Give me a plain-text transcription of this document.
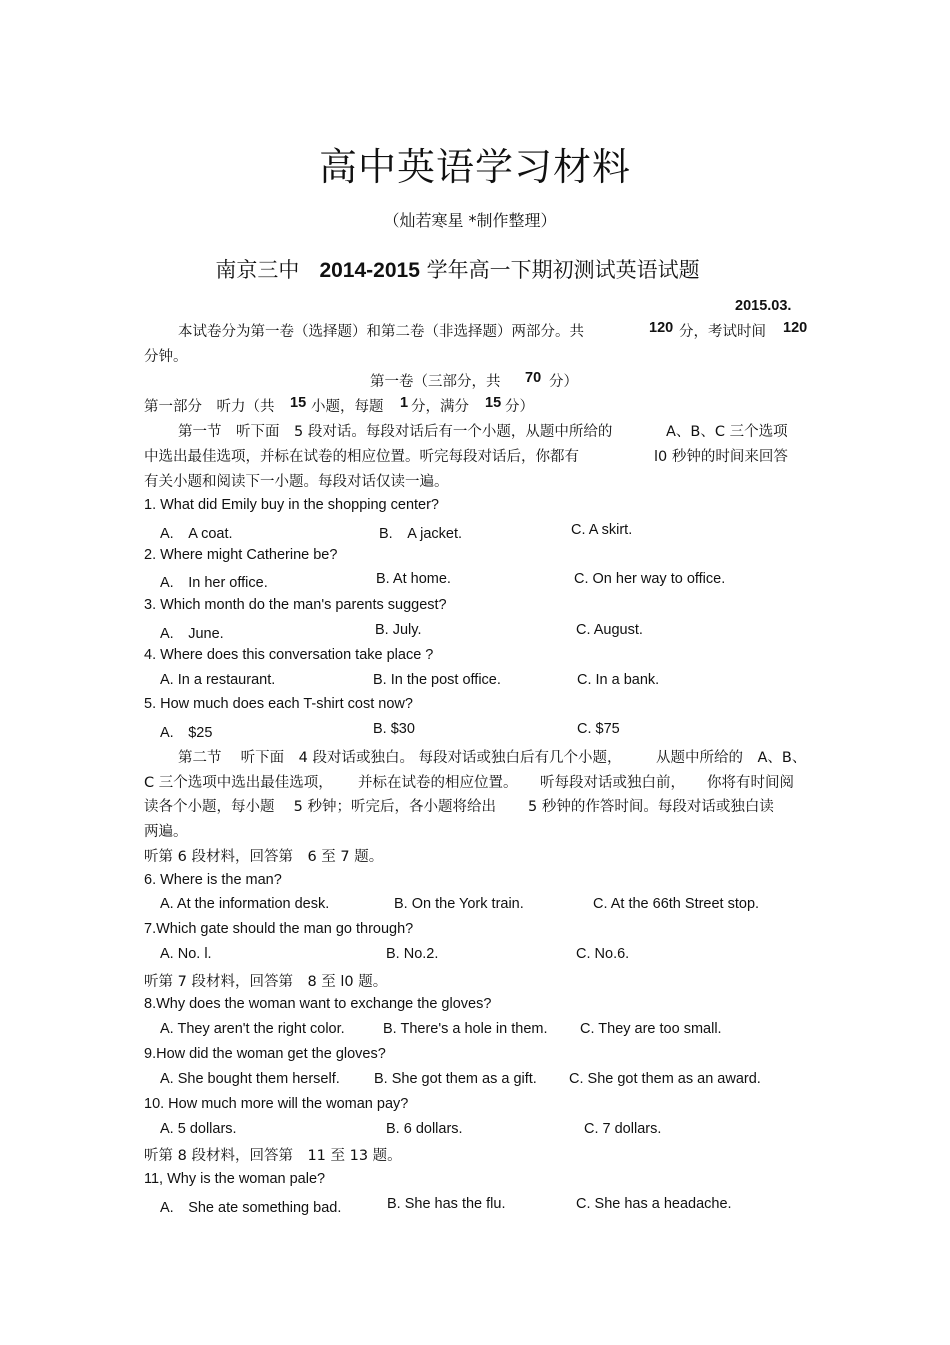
高中英语学习材料
（灿若寒星 *制作整理）
南京三中 2014-2015 学年高一下期初测试英语试题
2015.03.
本试卷分为第一卷（选择题）和第二卷（非选择题）两部分。共	120 分，考试时间 120
分钟。
第一卷（三部分，共 70 分）
第一部分　听力（共 15 小题，每题 1 分，满分 15 分）
第一节　听下面　5 段对话。每段对话后有一个小题，从题中所给的	A、B、C 三个选项
中选出最佳选项，并标在试卷的相应位置。听完每段对话后，你都有	l0 秒钟的时间来回答
有关小题和阅读下一小题。每段对话仅读一遍。
1. What did Emily buy in the shopping center?
A.　A coat.	B.　A jacket.	C. A skirt.
2. Where might Catherine be?
A.　In her office.	B. At home.	C. On her way to office.
3. Which month do the man's parents suggest?
A.　June.	B. July.	C. August.
4. Where does this conversation take place ?
A. In a restaurant.	B. In the post office.	C. In a bank.
5. How much does each T-shirt cost now?
A.　$25	B. $30	C. $75
第二节　 听下面　4 段对话或独白。 每段对话或独白后有几个小题， 从题中所给的　A、B、
C 三个选项中选出最佳选项， 并标在试卷的相应位置。 听每段对话或独白前， 你将有时间阅
读各个小题，每小题　 5 秒钟；听完后，各小题将给出 5 秒钟的作答时间。每段对话或独白读
两遍。
听第 6 段材料，回答第　6 至 7 题。
6. Where is the man?
A. At the information desk.	B. On the York train.	C. At the 66th Street stop.
7.Which gate should the man go through?
A. No. l.	B. No.2.	C. No.6.
听第 7 段材料，回答第　8 至 l0 题。
8.Why does the woman want to exchange the gloves?
A. They aren't the right color.	B. There's a hole in them. C. They are too small.
9.How did the woman get the gloves?
A. She bought them herself. B. She got them as a gift. C. She got them as an award.
10. How much more will the woman pay?
A. 5 dollars.	B. 6 dollars.	C. 7 dollars.
听第 8 段材料，回答第　11 至 13 题。
11, Why is the woman pale?
A.　She ate something bad.	B. She has the flu.	C. She has a headache.
